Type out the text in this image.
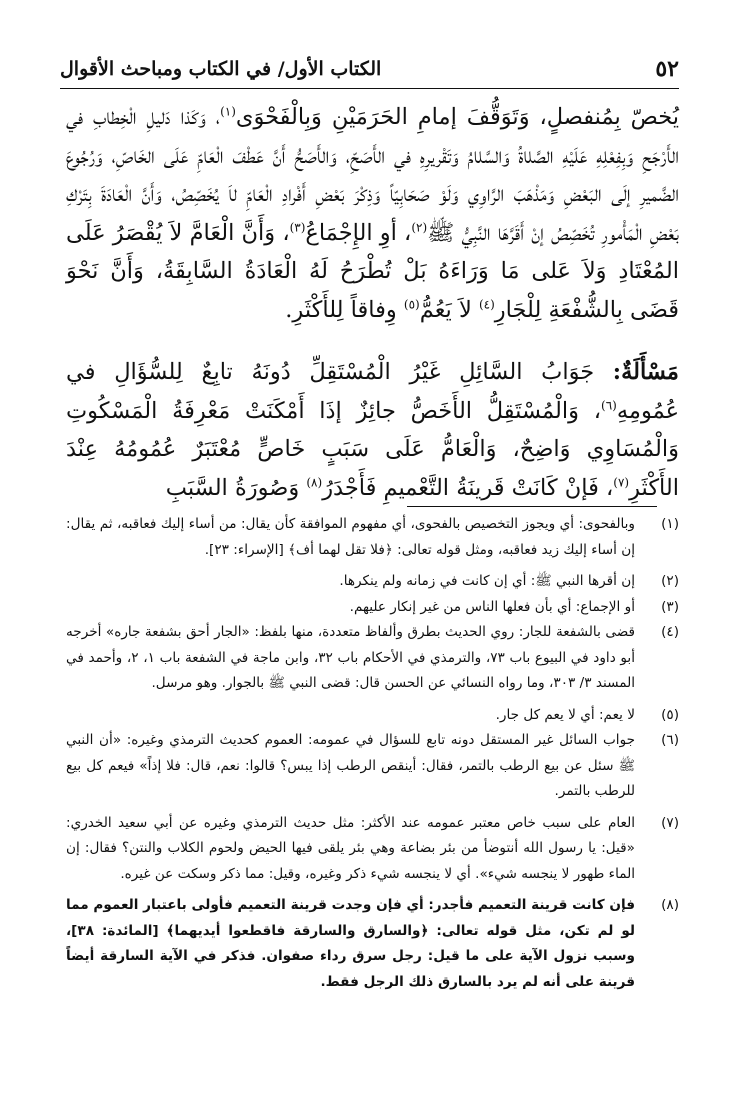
٥٢
الكتاب الأول/ في الكتاب ومباحث الأقوال

يُخصّ بِمُنفصلٍ، وَتَوَقُّفَ إمامِ الحَرَمَيْنِ وَبِالْفَحْوَى$^{(١)}$، وَكَذا دَليلِ الْخِطابِ في الأَرْجَحِ وَبِفِعْلِهِ عَلَيْهِ الصَّلاةُ وَالسَّلامُ وَتَقْريرِهِ في الأَصَحِّ، وَالأَصَحُّ أَنَّ عَطْفَ الْعَامِّ عَلَى الخَاصِّ، وَرُجُوعَ الضَّميرِ إلَى البَعْضِ وَمَذْهَبَ الرَّاوِي وَلَوْ صَحَابِيّاً وَذِكْرَ بَعْضِ أَفْرادِ الْعَامِّ لاَ يُخَصِّصُ، وَأَنَّ الْعَادَةَ بِتَرْكِ بَعْضِ الْمَأْمورِ تُخَصِّصُ إنْ أَقَرَّهَا النَّبِيُّ ﷺ$^{(٢)}$، أوِ الإِجْمَاعُ$^{(٣)}$، وَأَنَّ الْعَامَّ لاَ يُقْصَرُ عَلَى المُعْتَادِ وَلاَ عَلى مَا وَرَاءَهُ بَلْ تُطْرَحُ لَهُ الْعَادَةُ السَّابِقَةُ، وَأَنَّ نَحْوَ قَضَى بِالشُّفْعَةِ لِلْجَارِ$^{(٤)}$ لاَ يَعُمُّ$^{(٥)}$ وِفاقاً لِلأَكْثَرِ.

مَسْأَلَةٌ: جَوَابُ السَّائِلِ غَيْرُ الْمُسْتَقِلِّ دُونَهُ تابِعٌ لِلسُّؤَالِ في عُمُومِهِ$^{(٦)}$، وَالْمُسْتَقِلُّ الأَخَصُّ جائِزٌ إذَا أَمْكَنَتْ مَعْرِفَةُ الْمَسْكُوتِ وَالْمُسَاوِي وَاضِحٌ، وَالْعَامُّ عَلَى سَبَبٍ خَاصٍّ مُعْتَبَرٌ عُمُومُهُ عِنْدَ الأَكْثَرِ$^{(٧)}$، فَإنْ كَانَتْ قَرينَةُ التَّعْميمِ فَأَجْدَرُ$^{(٨)}$ وَصُورَةُ السَّبَبِ

(١)
وبالفحوى: أي ويجوز التخصيص بالفحوى، أي مفهوم الموافقة كأن يقال: من أساء إليك فعاقبه، ثم يقال: إن أساء إليك زيد فعاقبه، ومثل قوله تعالى: ﴿فلا تقل لهما أف﴾ [الإسراء: ٢٣].
(٢)
إن أقرها النبي ﷺ: أي إن كانت في زمانه ولم ينكرها.
(٣)
أو الإجماع: أي بأن فعلها الناس من غير إنكار عليهم.
(٤)
قضى بالشفعة للجار: روي الحديث بطرق وألفاظ متعددة، منها بلفظ: «الجار أحق بشفعة جاره» أخرجه أبو داود في البيوع باب ٧٣، والترمذي في الأحكام باب ٣٢، وابن ماجة في الشفعة باب ١، ٢، وأحمد في المسند ٣/ ٣٠٣، وما رواه النسائي عن الحسن قال: قضى النبي ﷺ بالجوار. وهو مرسل.
(٥)
لا يعم: أي لا يعم كل جار.
(٦)
جواب السائل غير المستقل دونه تابع للسؤال في عمومه: العموم كحديث الترمذي وغيره: «أن النبي ﷺ سئل عن بيع الرطب بالتمر، فقال: أينقص الرطب إذا يبس؟ قالوا: نعم، قال: فلا إذاً» فيعم كل بيع للرطب بالتمر.
(٧)
العام على سبب خاص معتبر عمومه عند الأكثر: مثل حديث الترمذي وغيره عن أبي سعيد الخدري: «قيل: يا رسول الله أنتوضأ من بئر بضاعة وهي بئر يلقى فيها الحيض ولحوم الكلاب والنتن؟ فقال: إن الماء طهور لا ينجسه شيء». أي لا ينجسه شيء ذكر وغيره، وقيل: مما ذكر وسكت عن غيره.
(٨)
فإن كانت قرينة التعميم فأجدر: أي فإن وجدت قرينة التعميم فأولى باعتبار العموم مما لو لم تكن، مثل قوله تعالى: ﴿والسارق والسارقة فاقطعوا أيديهما﴾ [المائدة: ٣٨]، وسبب نزول الآية على ما قيل: رجل سرق رداء صفوان. فذكر في الآية السارقة أيضاً قرينة على أنه لم يرد بالسارق ذلك الرجل فقط.
